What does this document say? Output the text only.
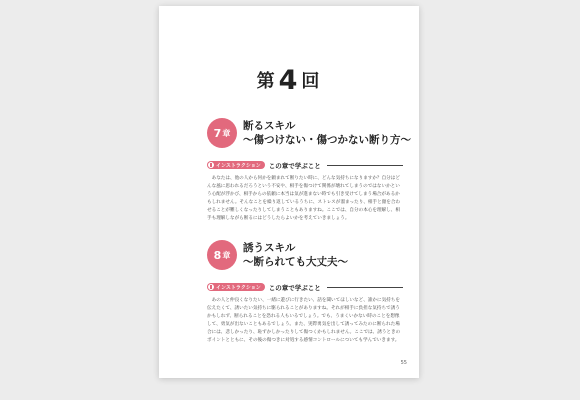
第4 回
7 章
断るスキル
〜傷つけない・傷つかない断り方〜
インストラクション この章で学ぶこと

あなたは、他の人から何かを頼まれて断りたい時に、どんな気持ちになりますか？自分はどんな風に思われるだろうという不安や、相手を傷つけて関係が壊れてしまうのではないかという心配が浮かび、相手からの依頼に本当は気が進まない時でも引き受けてしまう場合があるかもしれません。そんなことを繰り返しているうちに、ストレスが溜まったり、相手と顔を合わせることが難しくなったりしてしまうこともありますね。ここでは、自分の本心を理解し、相手も理解しながら断るにはどうしたらよいかを考えていきましょう。

8 章
誘うスキル
〜断られても大丈夫〜
インストラクション この章で学ぶこと

あの人と仲良くなりたい、一緒に遊びに行きたい、話を聞いてほしいなど、誰かに気持ちを伝えたくて、誘いたい気持ちに駆られることがありますね。それが相手に負担な気持ちで誘うかもしれず、断られることを恐れる人もいるでしょう。でも、うまくいかない時のことを想像して、勇気が出ないこともあるでしょう。また、実際勇気を出して誘ってみたのに断られた場合には、悲しかったり、恥ずかしかったりして傷つくかもしれません。ここでは、誘うときのポイントとともに、その後の傷つきに対処する感情コントロールについても学んでいきます。

55
